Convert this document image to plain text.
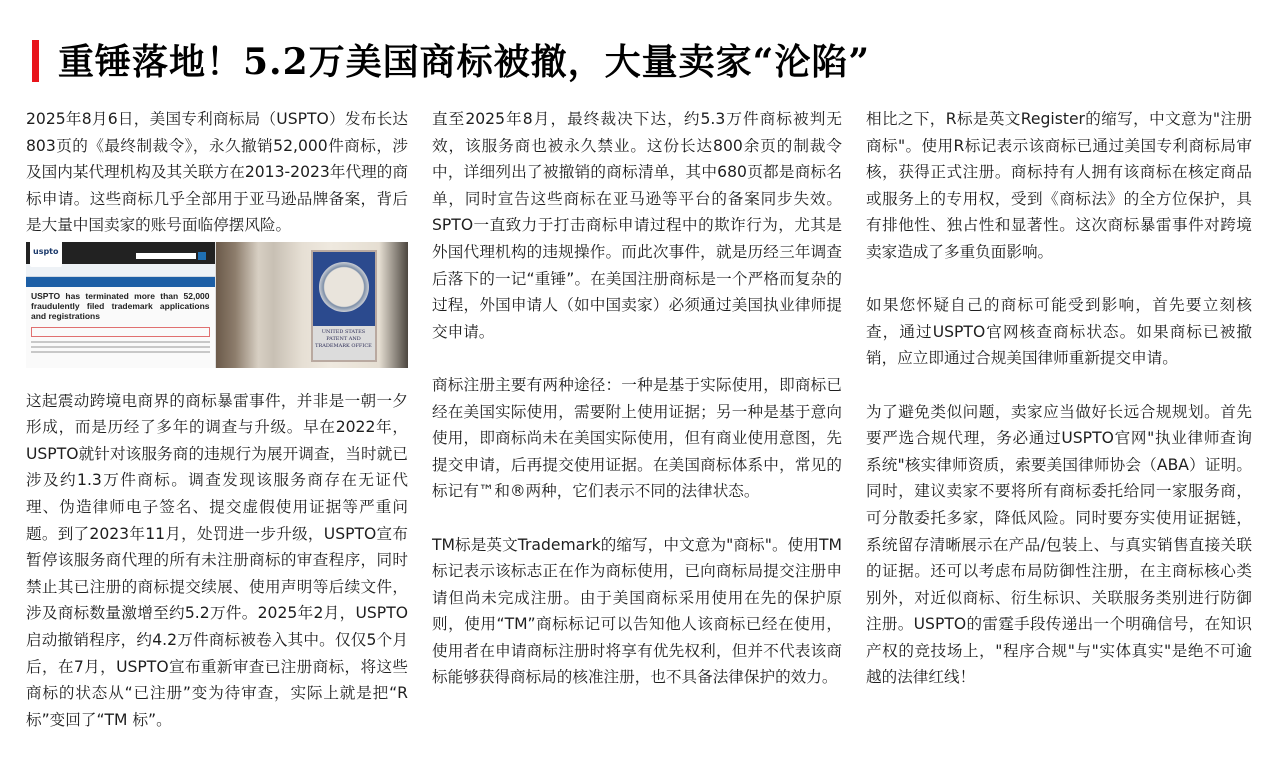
重锤落地！5.2万美国商标被撤，大量卖家“沦陷”

2025年8月6日，美国专利商标局（USPTO）发布长达803页的《最终制裁令》，永久撤销52,000件商标，涉及国内某代理机构及其关联方在2013-2023年代理的商标申请。这些商标几乎全部用于亚马逊品牌备案，背后是大量中国卖家的账号面临停摆风险。

uspto
USPTO has terminated more than 52,000 fraudulently filed trademark applications and registrations
UNITED STATES PATENT AND TRADEMARK OFFICE

这起震动跨境电商界的商标暴雷事件，并非是一朝一夕形成，而是历经了多年的调查与升级。早在2022年，USPTO就针对该服务商的违规行为展开调查，当时就已涉及约1.3万件商标。调查发现该服务商存在无证代理、伪造律师电子签名、提交虚假使用证据等严重问题。到了2023年11月，处罚进一步升级，USPTO宣布暂停该服务商代理的所有未注册商标的审查程序，同时禁止其已注册的商标提交续展、使用声明等后续文件，涉及商标数量激增至约5.2万件。2025年2月，USPTO启动撤销程序，约4.2万件商标被卷入其中。仅仅5个月后，在7月，USPTO宣布重新审查已注册商标，将这些商标的状态从“已注册”变为待审查，实际上就是把“R 标”变回了“TM 标”。

直至2025年8月，最终裁决下达，约5.3万件商标被判无效，该服务商也被永久禁业。这份长达800余页的制裁令中，详细列出了被撤销的商标清单，其中680页都是商标名单，同时宣告这些商标在亚马逊等平台的备案同步失效。SPTO一直致力于打击商标申请过程中的欺诈行为，尤其是外国代理机构的违规操作。而此次事件，就是历经三年调查后落下的一记“重锤”。在美国注册商标是一个严格而复杂的过程，外国申请人（如中国卖家）必须通过美国执业律师提交申请。

商标注册主要有两种途径：一种是基于实际使用，即商标已经在美国实际使用，需要附上使用证据；另一种是基于意向使用，即商标尚未在美国实际使用，但有商业使用意图，先提交申请，后再提交使用证据。在美国商标体系中，常见的标记有™和®两种，它们表示不同的法律状态。

TM标是英文Trademark的缩写，中文意为"商标"。使用TM标记表示该标志正在作为商标使用，已向商标局提交注册申请但尚未完成注册。由于美国商标采用使用在先的保护原则，使用“TM”商标标记可以告知他人该商标已经在使用，使用者在申请商标注册时将享有优先权利，但并不代表该商标能够获得商标局的核准注册，也不具备法律保护的效力。

相比之下，R标是英文Register的缩写，中文意为"注册商标"。使用R标记表示该商标已通过美国专利商标局审核，获得正式注册。商标持有人拥有该商标在核定商品或服务上的专用权，受到《商标法》的全方位保护，具有排他性、独占性和显著性。这次商标暴雷事件对跨境卖家造成了多重负面影响。

如果您怀疑自己的商标可能受到影响，首先要立刻核查，通过USPTO官网核查商标状态。如果商标已被撤销，应立即通过合规美国律师重新提交申请。

为了避免类似问题，卖家应当做好长远合规规划。首先要严选合规代理，务必通过USPTO官网"执业律师查询系统"核实律师资质，索要美国律师协会（ABA）证明。同时，建议卖家不要将所有商标委托给同一家服务商，可分散委托多家，降低风险。同时要夯实使用证据链，系统留存清晰展示在产品/包装上、与真实销售直接关联的证据。还可以考虑布局防御性注册，在主商标核心类别外，对近似商标、衍生标识、关联服务类别进行防御注册。USPTO的雷霆手段传递出一个明确信号，在知识产权的竞技场上，"程序合规"与"实体真实"是绝不可逾越的法律红线！
